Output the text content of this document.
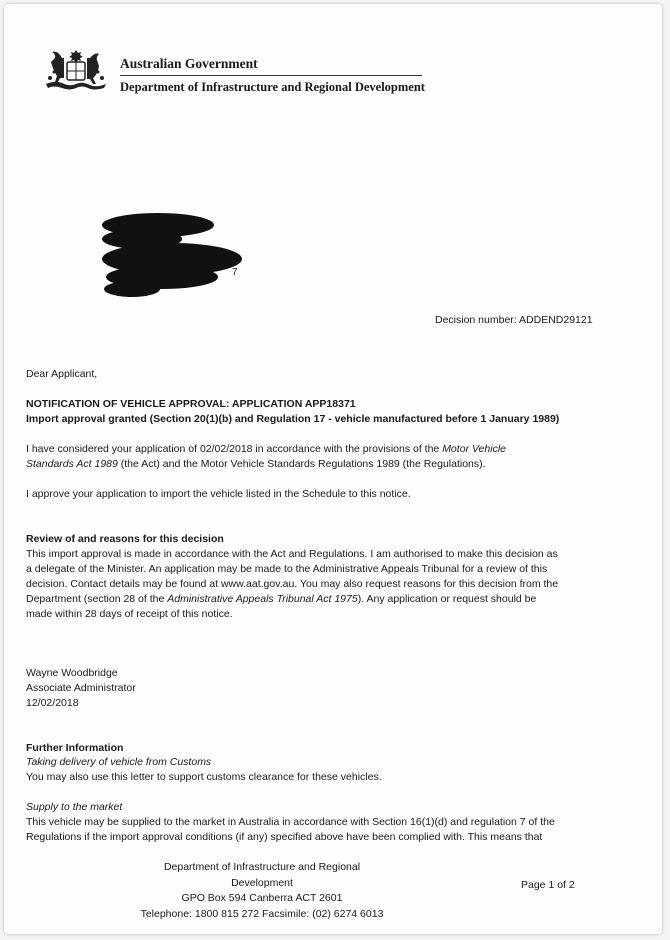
Australian Government
Department of Infrastructure and Regional Development
7
Decision number: ADDEND29121
Dear Applicant,
NOTIFICATION OF VEHICLE APPROVAL: APPLICATION APP18371
Import approval granted (Section 20(1)(b) and Regulation 17 - vehicle manufactured before 1 January 1989)
I have considered your application of 02/02/2018 in accordance with the provisions of the Motor Vehicle
Standards Act 1989 (the Act) and the Motor Vehicle Standards Regulations 1989 (the Regulations).
I approve your application to import the vehicle listed in the Schedule to this notice.
Review of and reasons for this decision
This import approval is made in accordance with the Act and Regulations. I am authorised to make this decision as
a delegate of the Minister. An application may be made to the Administrative Appeals Tribunal for a review of this
decision. Contact details may be found at www.aat.gov.au. You may also request reasons for this decision from the
Department (section 28 of the Administrative Appeals Tribunal Act 1975). Any application or request should be
made within 28 days of receipt of this notice.
Wayne Woodbridge
Associate Administrator
12/02/2018
Further Information
Taking delivery of vehicle from Customs
You may also use this letter to support customs clearance for these vehicles.
Supply to the market
This vehicle may be supplied to the market in Australia in accordance with Section 16(1)(d) and regulation 7 of the
Regulations if the import approval conditions (if any) specified above have been complied with. This means that
Department of Infrastructure and Regional
Development
GPO Box 594 Canberra ACT 2601
Telephone: 1800 815 272 Facsimile: (02) 6274 6013
Page 1 of 2
